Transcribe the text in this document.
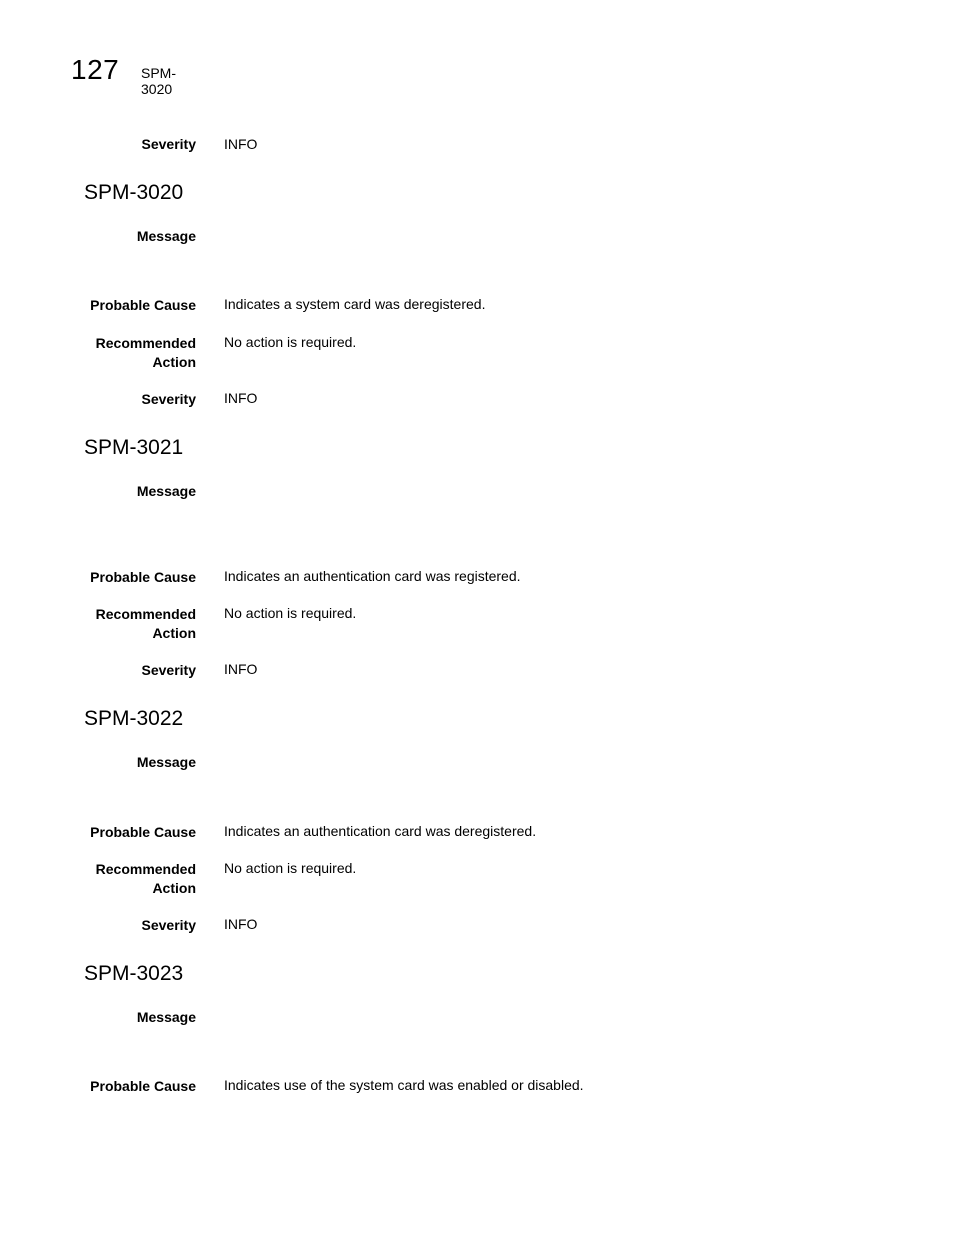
127 SPM-3020
Severity INFO
SPM-3020
Message
Probable Cause Indicates a system card was deregistered.
Recommended
Action
No action is required.
Severity INFO
SPM-3021
Message
Probable Cause Indicates an authentication card was registered.
Recommended
Action
No action is required.
Severity INFO
SPM-3022
Message
Probable Cause Indicates an authentication card was deregistered.
Recommended
Action
No action is required.
Severity INFO
SPM-3023
Message
Probable Cause Indicates use of the system card was enabled or disabled.
